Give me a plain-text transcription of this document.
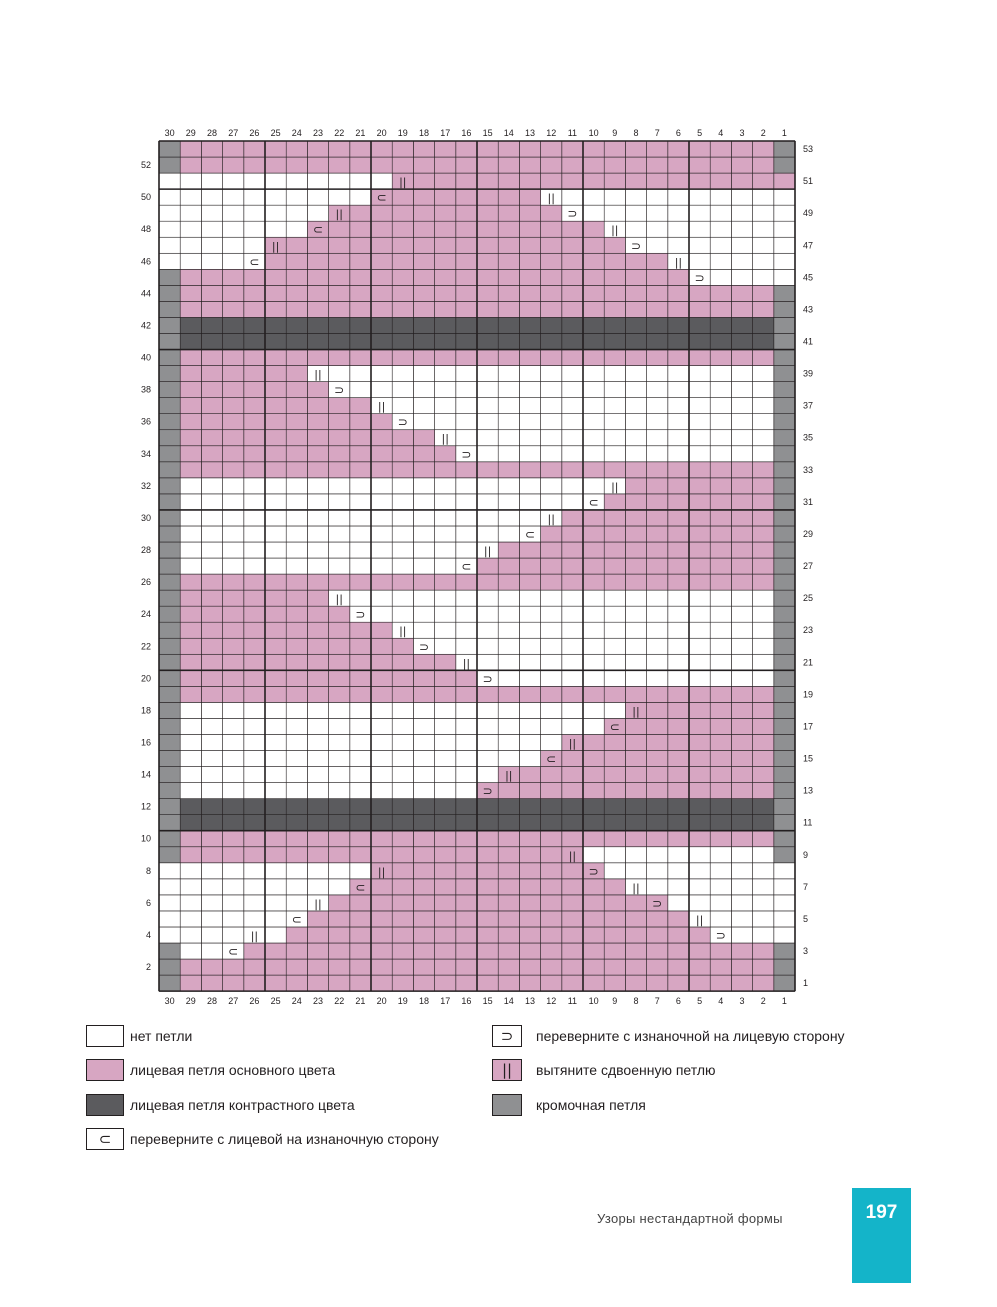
⊂
⊃
||
||
⊂
⊃
||
||
⊂
⊃
||
||
⊃
||
⊂
||
⊂
||
⊃
||
⊃
||
⊃
||
⊂
||
⊂
||
⊂
||
⊃
||
⊃
||
⊃
||
⊃
||
⊂
⊃
||
||
⊂
⊃
||
||
⊂
||
30
30
29
29
28
28
27
27
26
26
25
25
24
24
23
23
22
22
21
21
20
20
19
19
18
18
17
17
16
16
15
15
14
14
13
13
12
12
11
11
10
10
9
9
8
8
7
7
6
6
5
5
4
4
3
3
2
2
1
1
52
50
48
46
44
42
40
38
36
34
32
30
28
26
24
22
20
18
16
14
12
10
8
6
4
2
53
51
49
47
45
43
41
39
37
35
33
31
29
27
25
23
21
19
17
15
13
11
9
7
5
3
1
нет петли
лицевая петля основного цвета
лицевая петля контрастного цвета
⊂	переверните с лицевой на изнаночную сторону
⊃	переверните с изнаночной на лицевую сторону
||	вытяните сдвоенную петлю
кромочная петля
Узоры нестандартной формы	197
